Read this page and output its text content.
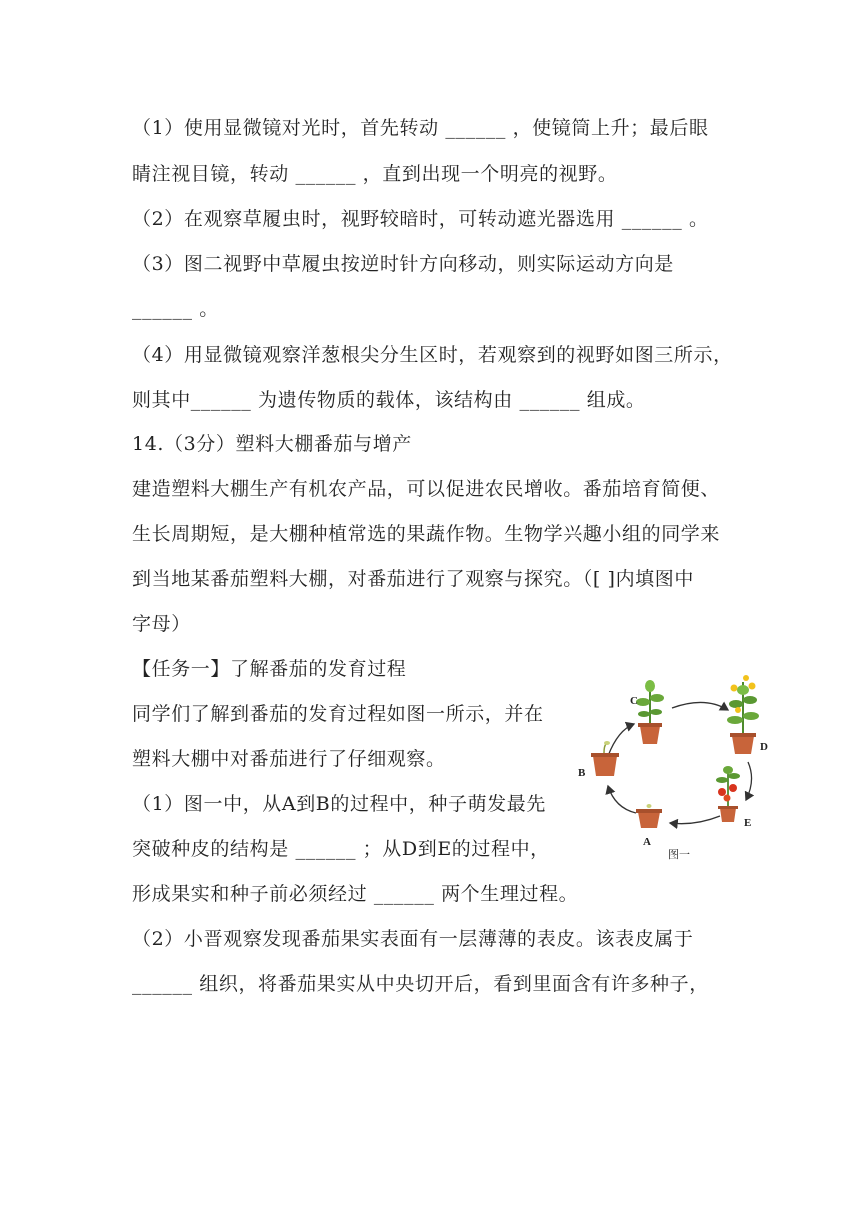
（1）使用显微镜对光时，首先转动 ______ ，使镜筒上升；最后眼
睛注视目镜，转动 ______ ，直到出现一个明亮的视野。
（2）在观察草履虫时，视野较暗时，可转动遮光器选用 ______ 。
（3）图二视野中草履虫按逆时针方向移动，则实际运动方向是
______ 。
（4）用显微镜观察洋葱根尖分生区时，若观察到的视野如图三所示，
则其中______ 为遗传物质的载体，该结构由 ______ 组成。
14.（3分）塑料大棚番茄与增产
建造塑料大棚生产有机农产品，可以促进农民增收。番茄培育简便、
生长周期短，是大棚种植常选的果蔬作物。生物学兴趣小组的同学来
到当地某番茄塑料大棚，对番茄进行了观察与探究。（[ ]内填图中
字母）
【任务一】了解番茄的发育过程
同学们了解到番茄的发育过程如图一所示，并在
塑料大棚中对番茄进行了仔细观察。
（1）图一中，从A到B的过程中，种子萌发最先
突破种皮的结构是 ______ ；从D到E的过程中，
形成果实和种子前必须经过 ______ 两个生理过程。
（2）小晋观察发现番茄果实表面有一层薄薄的表皮。该表皮属于
______ 组织，将番茄果实从中央切开后，看到里面含有许多种子，
C
D
B
E
A
图一
